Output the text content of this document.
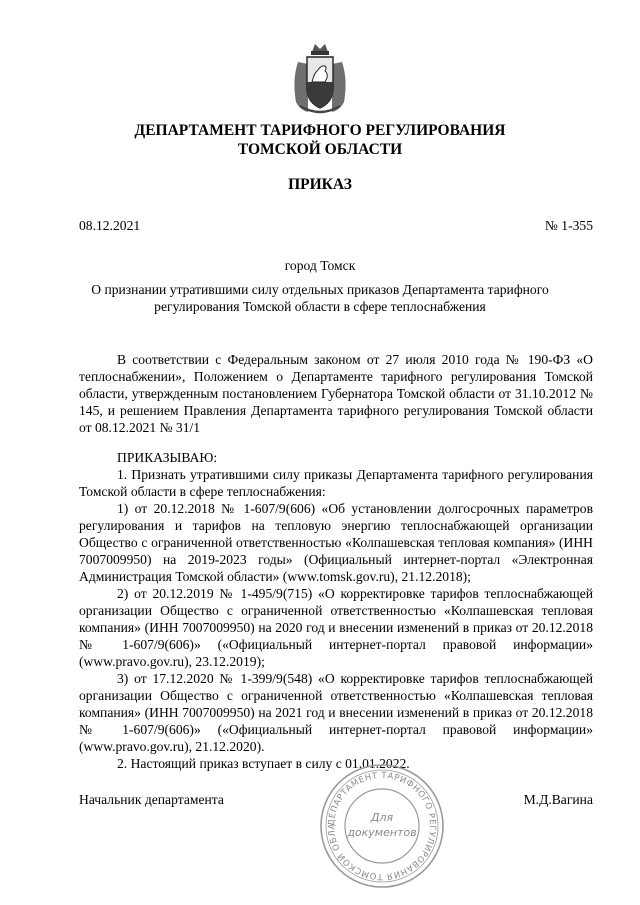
ДЕПАРТАМЕНТ ТАРИФНОГО РЕГУЛИРОВАНИЯ
ТОМСКОЙ ОБЛАСТИ
ПРИКАЗ
08.12.2021	№ 1-355
город Томск
О признании утратившими силу отдельных приказов Департамента тарифного
регулирования Томской области в сфере теплоснабжения

В соответствии с Федеральным законом от 27 июля 2010 года № 190-ФЗ «О теплоснабжении», Положением о Департаменте тарифного регулирования Томской области, утвержденным постановлением Губернатора Томской области от 31.10.2012 № 145, и решением Правления Департамента тарифного регулирования Томской области от 08.12.2021 № 31/1

ПРИКАЗЫВАЮ:

1. Признать утратившими силу приказы Департамента тарифного регулирования Томской области в сфере теплоснабжения:

1) от 20.12.2018 № 1-607/9(606) «Об установлении долгосрочных параметров регулирования и тарифов на тепловую энергию теплоснабжающей организации Общество с ограниченной ответственностью «Колпашевская тепловая компания» (ИНН 7007009950) на 2019-2023 годы» (Официальный интернет-портал «Электронная Администрация Томской области» (www.tomsk.gov.ru), 21.12.2018);

2) от 20.12.2019 № 1-495/9(715) «О корректировке тарифов теплоснабжающей организации Общество с ограниченной ответственностью «Колпашевская тепловая компания» (ИНН 7007009950) на 2020 год и внесении изменений в приказ от 20.12.2018 № 1-607/9(606)» («Официальный интернет-портал правовой информации» (www.pravo.gov.ru), 23.12.2019);

3) от 17.12.2020 № 1-399/9(548) «О корректировке тарифов теплоснабжающей организации Общество с ограниченной ответственностью «Колпашевская тепловая компания» (ИНН 7007009950) на 2021 год и внесении изменений в приказ от 20.12.2018 № 1-607/9(606)» («Официальный интернет-портал правовой информации» (www.pravo.gov.ru), 21.12.2020).

2. Настоящий приказ вступает в силу с 01.01.2022.

Начальник департамента	М.Д.Вагина
ДЕПАРТАМЕНТ ТАРИФНОГО РЕГУЛИРОВАНИЯ ТОМСКОЙ ОБЛА
Для
документов
